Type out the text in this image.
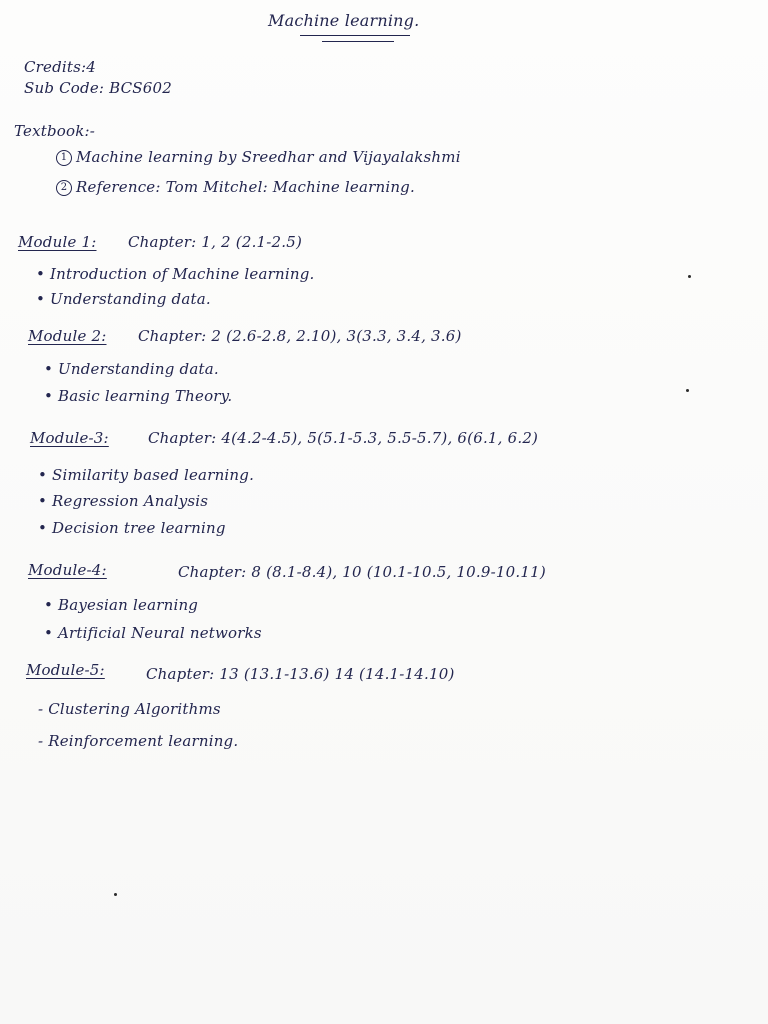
Machine learning.
Credits:4
Sub Code: BCS602
Textbook:-
1 Machine learning by Sreedhar and Vijayalakshmi
2 Reference: Tom Mitchel: Machine learning.
Module 1: Chapter: 1, 2 (2.1-2.5)
• Introduction of Machine learning.
• Understanding data.
Module 2: Chapter: 2 (2.6-2.8, 2.10), 3(3.3, 3.4, 3.6)
• Understanding data.
• Basic learning Theory.
Module-3:	Chapter: 4(4.2-4.5), 5(5.1-5.3, 5.5-5.7), 6(6.1, 6.2)
• Similarity based learning.
• Regression Analysis
• Decision tree learning
Module-4:	Chapter: 8 (8.1-8.4), 10 (10.1-10.5, 10.9-10.11)
• Bayesian learning
• Artificial Neural networks
Module-5:	Chapter: 13 (13.1-13.6) 14 (14.1-14.10)
- Clustering Algorithms
- Reinforcement learning.
